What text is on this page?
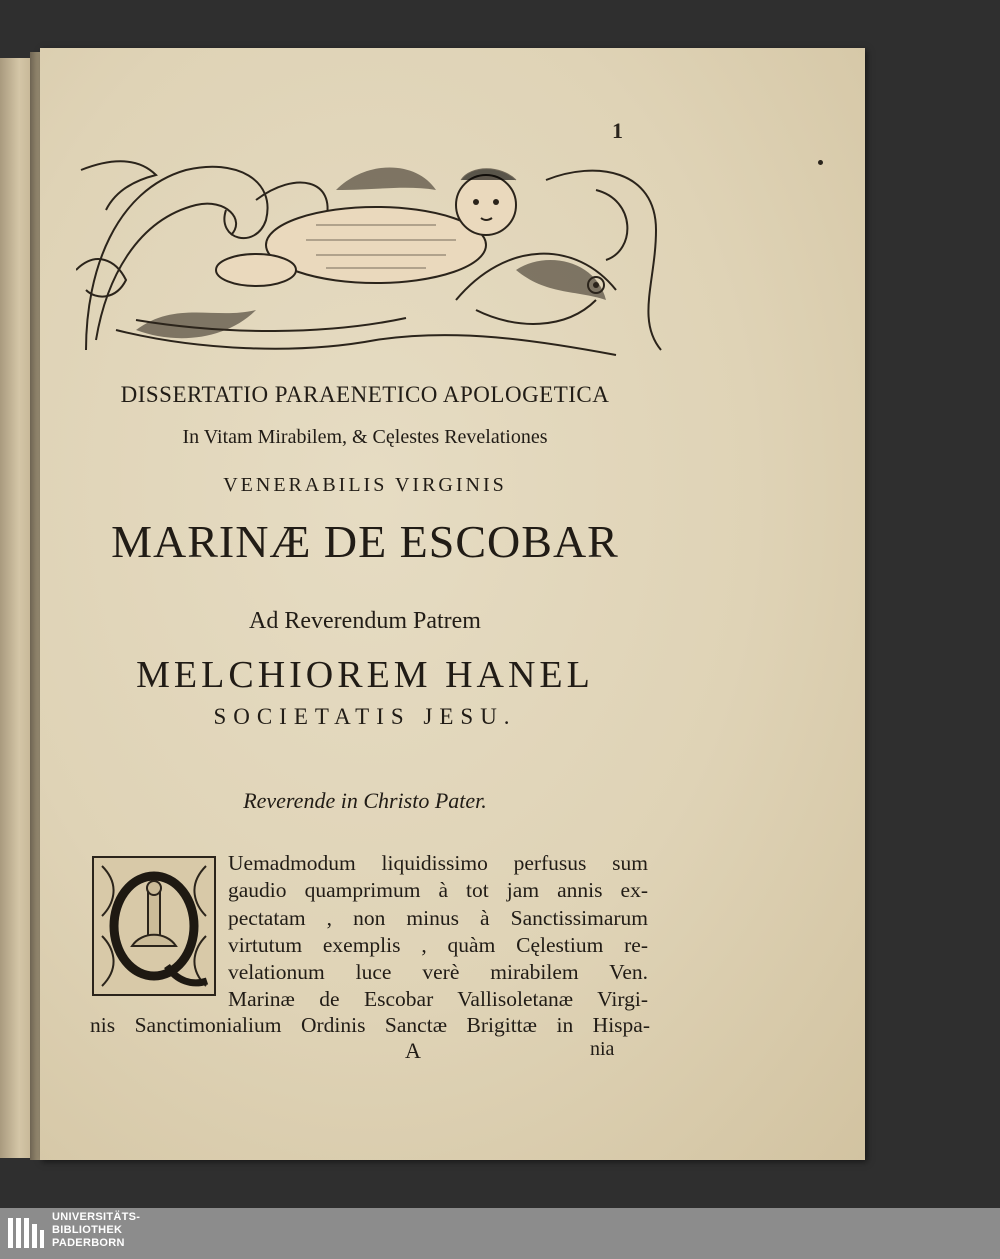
1
DISSERTATIO PARAENETICO APOLOGETICA
In Vitam Mirabilem, & Cęlestes Revelationes
VENERABILIS VIRGINIS
MARINÆ DE ESCOBAR
Ad Reverendum Patrem
MELCHIOREM HANEL
SOCIETATIS JESU.
Reverende in Christo Pater.
Uemadmodum liquidissimo perfusus sum
gaudio quamprimum à tot jam annis ex-
pectatam , non minus à Sanctissimarum
virtutum exemplis , quàm Cęlestium re-
velationum luce verè mirabilem Ven.
Marinæ de Escobar Vallisoletanæ Virgi-
nis Sanctimonialium Ordinis Sanctæ Brigittæ in Hispa-
A	nia
UNIVERSITÄTS-
BIBLIOTHEK
PADERBORN
